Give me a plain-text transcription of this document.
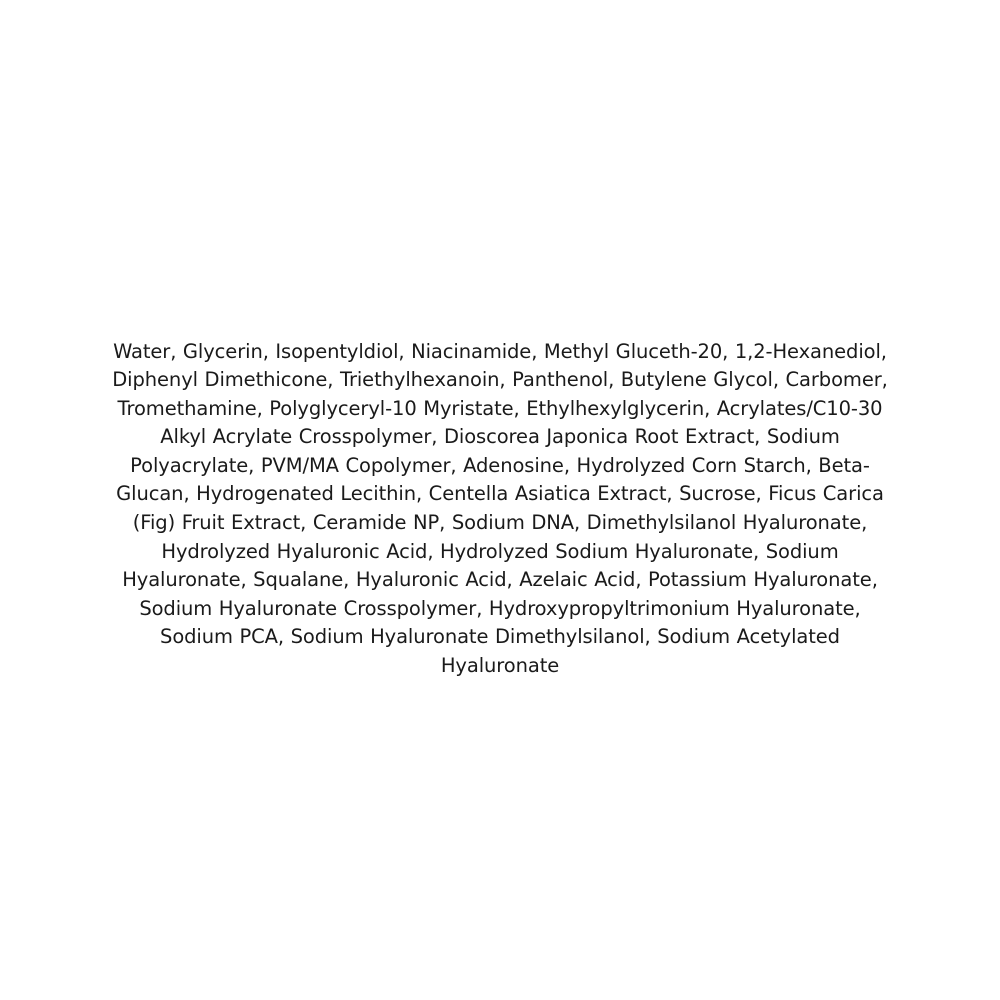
Water, Glycerin, Isopentyldiol, Niacinamide, Methyl Gluceth-20, 1,2-Hexanediol, Diphenyl Dimethicone, Triethylhexanoin, Panthenol, Butylene Glycol, Carbomer, Tromethamine, Polyglyceryl-10 Myristate, Ethylhexylglycerin, Acrylates/C10-30 Alkyl Acrylate Crosspolymer, Dioscorea Japonica Root Extract, Sodium Polyacrylate, PVM/MA Copolymer, Adenosine, Hydrolyzed Corn Starch, Beta-Glucan, Hydrogenated Lecithin, Centella Asiatica Extract, Sucrose, Ficus Carica (Fig) Fruit Extract, Ceramide NP, Sodium DNA, Dimethylsilanol Hyaluronate, Hydrolyzed Hyaluronic Acid, Hydrolyzed Sodium Hyaluronate, Sodium Hyaluronate, Squalane, Hyaluronic Acid, Azelaic Acid, Potassium Hyaluronate, Sodium Hyaluronate Crosspolymer, Hydroxypropyltrimonium Hyaluronate, Sodium PCA, Sodium Hyaluronate Dimethylsilanol, Sodium Acetylated Hyaluronate
